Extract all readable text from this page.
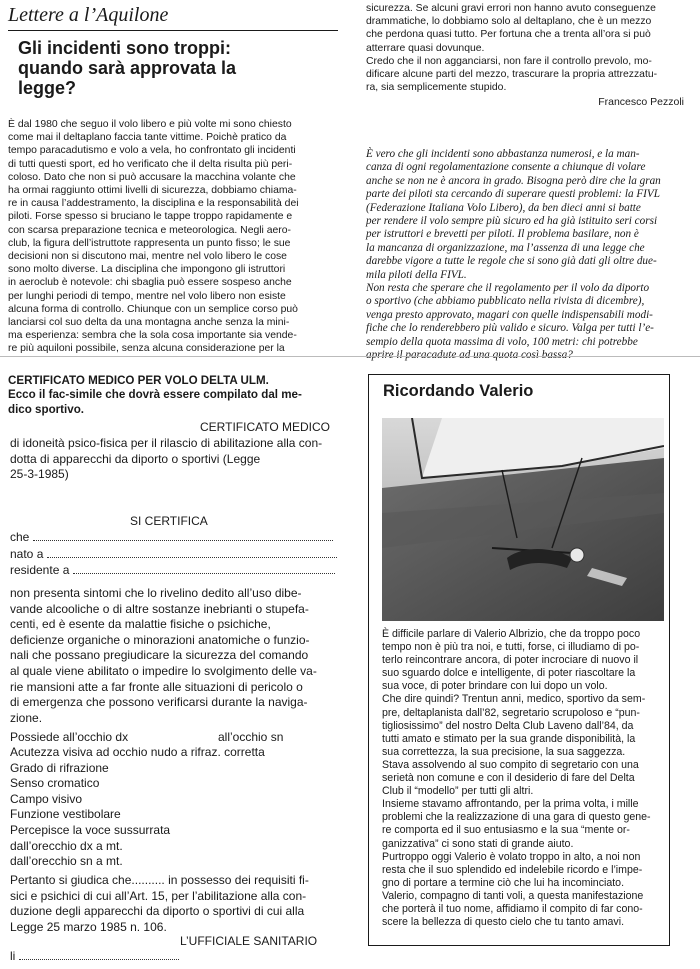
Lettere a l’Aquilone
Gli incidenti sono troppi:
quando sarà approvata la
legge?
È dal 1980 che seguo il volo libero e più volte mi sono chiesto
come mai il deltaplano faccia tante vittime. Poichè pratico da
tempo paracadutismo e volo a vela, ho confrontato gli incidenti
di tutti questi sport, ed ho verificato che il delta risulta più peri-
coloso. Dato che non si può accusare la macchina volante che
ha ormai raggiunto ottimi livelli di sicurezza, dobbiamo chiama-
re in causa l’addestramento, la disciplina e la responsabilità dei
piloti. Forse spesso si bruciano le tappe troppo rapidamente e
con scarsa preparazione tecnica e meteorologica. Negli aero-
club, la figura dell’istruttote rappresenta un punto fisso; le sue
decisioni non si discutono mai, mentre nel volo libero le cose
sono molto diverse. La disciplina che impongono gli istruttori
in aeroclub è notevole: chi sbaglia può essere sospeso anche
per lunghi periodi di tempo, mentre nel volo libero non esiste
alcuna forma di controllo. Chiunque con un semplice corso può
lanciarsi col suo delta da una montagna anche senza la mini-
ma esperienza: sembra che la sola cosa importante sia vende-
re più aquiloni possibile, senza alcuna considerazione per la
sicurezza. Se alcuni gravi errori non hanno avuto conseguenze
drammatiche, lo dobbiamo solo al deltaplano, che è un mezzo
che perdona quasi tutto. Per fortuna che a trenta all’ora si può
atterrare quasi dovunque.
Credo che il non agganciarsi, non fare il controllo prevolo, mo-
dificare alcune parti del mezzo, trascurare la propria attrezzatu-
ra, sia semplicemente stupido.
Francesco Pezzoli
È vero che gli incidenti sono abbastanza numerosi, e la man-
canza di ogni regolamentazione consente a chiunque di volare
anche se non ne è ancora in grado. Bisogna però dire che la gran
parte dei piloti sta cercando di superare questi problemi: la FIVL
(Federazione Italiana Volo Libero), da ben dieci anni si batte
per rendere il volo sempre più sicuro ed ha già istituito seri corsi
per istruttori e brevetti per piloti. Il problema basilare, non è
la mancanza di organizzazione, ma l’assenza di una legge che
darebbe vigore a tutte le regole che si sono già dati gli oltre due-
mila piloti della FIVL.
Non resta che sperare che il regolamento per il volo da diporto
o sportivo (che abbiamo pubblicato nella rivista di dicembre),
venga presto approvato, magari con quelle indispensabili modi-
fiche che lo renderebbero più valido e sicuro. Valga per tutti l’e-
sempio della quota massima di volo, 100 metri: chi potrebbe
CERTIFICATO MEDICO PER VOLO DELTA ULM.
Ecco il fac-simile che dovrà essere compilato dal me-
dico sportivo.
CERTIFICATO MEDICO
di idoneità psico-fisica per il rilascio di abilitazione alla con-
dotta di apparecchi da diporto o sportivi (Legge
25-3-1985)
SI CERTIFICA
che
nato a
residente a
non presenta sintomi che lo rivelino dedito all’uso dibe-
vande alcooliche o di altre sostanze inebrianti o stupefa-
centi, ed è esente da malattie fisiche o psichiche,
deficienze organiche o minorazioni anatomiche o funzio-
nali che possano pregiudicare la sicurezza del comando
al quale viene abilitato o impedire lo svolgimento delle va-
rie mansioni atte a far fronte alle situazioni di pericolo o
di emergenza che possono verificarsi durante la naviga-
zione.
Possiede all’occhio dx	all’occhio sn
Acutezza visiva ad occhio nudo a rifraz. corretta
Grado di rifrazione
Senso cromatico
Campo visivo
Funzione vestibolare
Percepisce la voce sussurrata
dall’orecchio dx a mt.
dall’orecchio sn a mt.
Pertanto si giudica che.......... in possesso dei requisiti fi-
sici e psichici di cui all’Art. 15, per l’abilitazione alla con-
duzione degli apparecchi da diporto o sportivi di cui alla
Legge 25 marzo 1985 n. 106.
L’UFFICIALE SANITARIO
li
Ricordando Valerio
È difficile parlare di Valerio Albrizio, che da troppo poco
tempo non è più tra noi, e tutti, forse, ci illudiamo di po-
terlo reincontrare ancora, di poter incrociare di nuovo il
suo sguardo dolce e intelligente, di poter riascoltare la
sua voce, di poter brindare con lui dopo un volo.
Che dire quindi? Trentun anni, medico, sportivo da sem-
pre, deltaplanista dall’82, segretario scrupoloso e “pun-
tigliosissimo” del nostro Delta Club Laveno dall’84, da
tutti amato e stimato per la sua grande disponibilità, la
sua correttezza, la sua precisione, la sua saggezza.
Stava assolvendo al suo compito di segretario con una
serietà non comune e con il desiderio di fare del Delta
Club il “modello” per tutti gli altri.
Insieme stavamo affrontando, per la prima volta, i mille
problemi che la realizzazione di una gara di questo gene-
re comporta ed il suo entusiasmo e la sua “mente or-
ganizzativa” ci sono stati di grande aiuto.
Purtroppo oggi Valerio è volato troppo in alto, a noi non
resta che il suo splendido ed indelebile ricordo e l’impe-
gno di portare a termine ciò che lui ha incominciato.
Valerio, compagno di tanti voli, a questa manifestazione
che porterà il tuo nome, affidiamo il compito di far cono-
scere la bellezza di questo cielo che tu tanto amavi.
